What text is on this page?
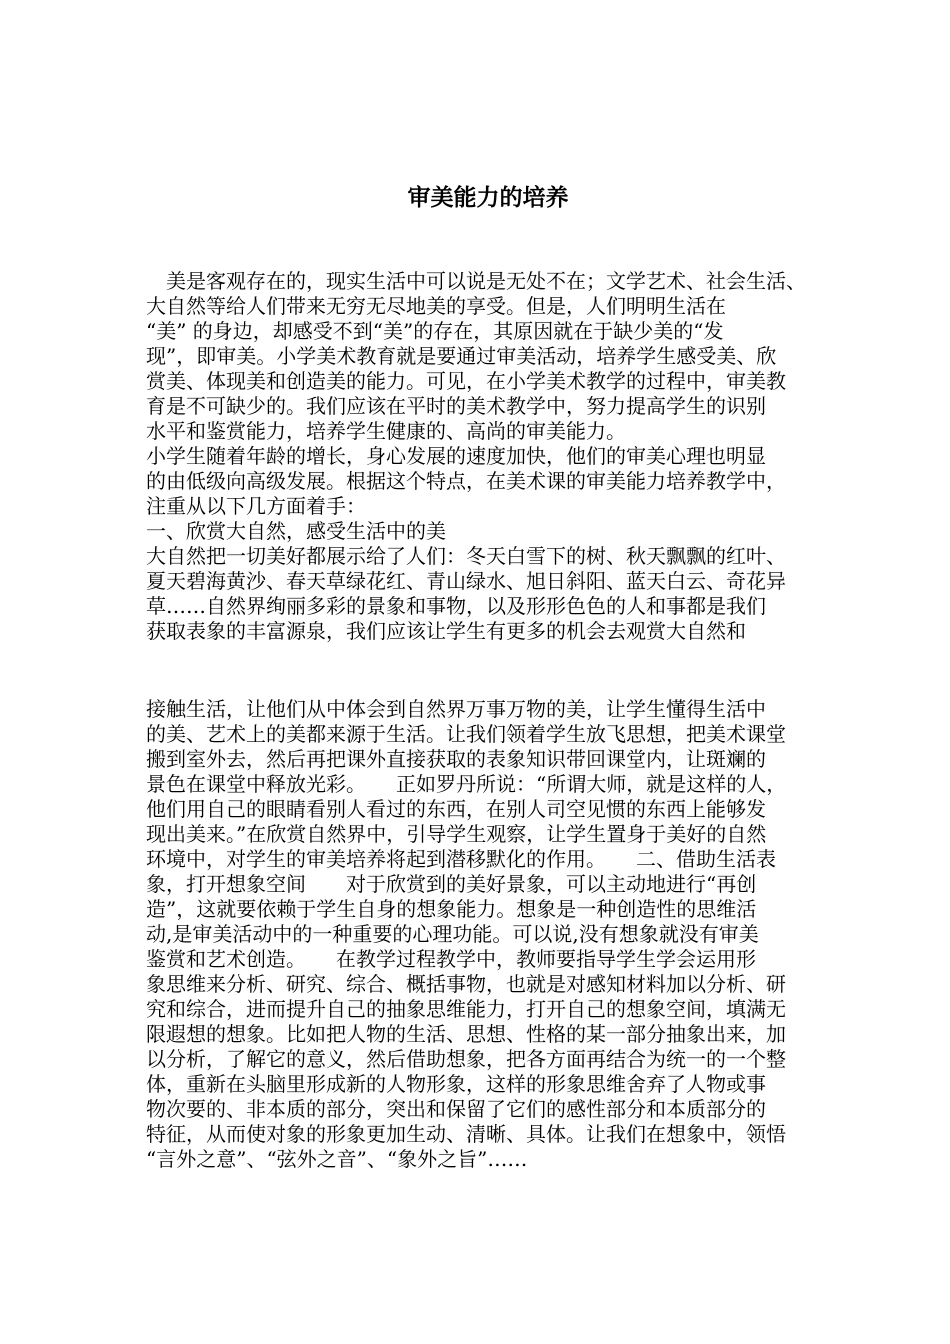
审美能力的培养

　美是客观存在的，现实生活中可以说是无处不在；文学艺术、社会生活、

大自然等给人们带来无穷无尽地美的享受。但是，人们明明生活在

“美” 的身边，却感受不到“美”的存在，其原因就在于缺少美的“发

现”，即审美。小学美术教育就是要通过审美活动，培养学生感受美、欣

赏美、体现美和创造美的能力。可见，在小学美术教学的过程中，审美教

育是不可缺少的。我们应该在平时的美术教学中，努力提高学生的识别

水平和鉴赏能力，培养学生健康的、高尚的审美能力。

小学生随着年龄的增长，身心发展的速度加快，他们的审美心理也明显

的由低级向高级发展。根据这个特点，在美术课的审美能力培养教学中，

注重从以下几方面着手：

一、欣赏大自然，感受生活中的美

大自然把一切美好都展示给了人们：冬天白雪下的树、秋天飘飘的红叶、

夏天碧海黄沙、春天草绿花红、青山绿水、旭日斜阳、蓝天白云、奇花异

草……自然界绚丽多彩的景象和事物，以及形形色色的人和事都是我们

获取表象的丰富源泉，我们应该让学生有更多的机会去观赏大自然和

接触生活，让他们从中体会到自然界万事万物的美，让学生懂得生活中

的美、艺术上的美都来源于生活。让我们领着学生放飞思想，把美术课堂

搬到室外去，然后再把课外直接获取的表象知识带回课堂内，让斑斓的

景色在课堂中释放光彩。　　正如罗丹所说：“所谓大师，就是这样的人，

他们用自己的眼睛看别人看过的东西，在别人司空见惯的东西上能够发

现出美来。”在欣赏自然界中，引导学生观察，让学生置身于美好的自然

环境中，对学生的审美培养将起到潜移默化的作用。　　二、借助生活表

象，打开想象空间　　对于欣赏到的美好景象，可以主动地进行“再创

造”，这就要依赖于学生自身的想象能力。想象是一种创造性的思维活

动,是审美活动中的一种重要的心理功能。可以说,没有想象就没有审美

鉴赏和艺术创造。　　在教学过程教学中，教师要指导学生学会运用形

象思维来分析、研究、综合、概括事物，也就是对感知材料加以分析、研

究和综合，进而提升自己的抽象思维能力，打开自己的想象空间，填满无

限遐想的想象。比如把人物的生活、思想、性格的某一部分抽象出来，加

以分析，了解它的意义，然后借助想象，把各方面再结合为统一的一个整

体，重新在头脑里形成新的人物形象，这样的形象思维舍弃了人物或事

物次要的、非本质的部分，突出和保留了它们的感性部分和本质部分的

特征，从而使对象的形象更加生动、清晰、具体。让我们在想象中，领悟

“言外之意”、“弦外之音”、“象外之旨”……
